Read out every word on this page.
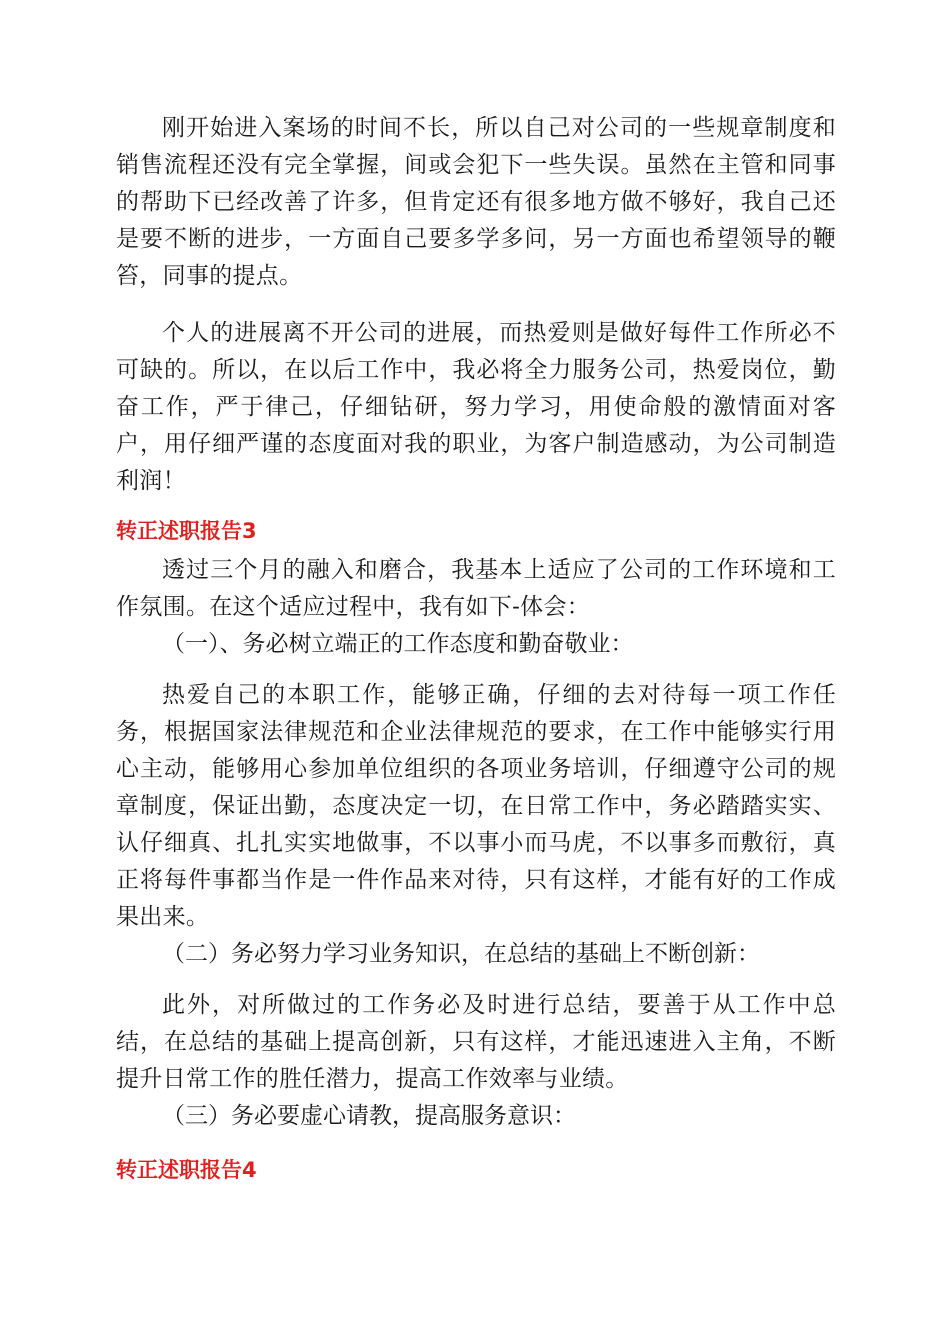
刚开始进入案场的时间不长，所以自己对公司的一些规章制度和销售流程还没有完全掌握，间或会犯下一些失误。虽然在主管和同事的帮助下已经改善了许多，但肯定还有很多地方做不够好，我自己还是要不断的进步，一方面自己要多学多问，另一方面也希望领导的鞭笞，同事的提点。

个人的进展离不开公司的进展，而热爱则是做好每件工作所必不可缺的。所以，在以后工作中，我必将全力服务公司，热爱岗位，勤奋工作，严于律己，仔细钻研，努力学习，用使命般的激情面对客户，用仔细严谨的态度面对我的职业，为客户制造感动，为公司制造利润！

转正述职报告3

透过三个月的融入和磨合，我基本上适应了公司的工作环境和工作氛围。在这个适应过程中，我有如下-体会：

（一）、务必树立端正的工作态度和勤奋敬业：

热爱自己的本职工作，能够正确，仔细的去对待每一项工作任务，根据国家法律规范和企业法律规范的要求，在工作中能够实行用心主动，能够用心参加单位组织的各项业务培训，仔细遵守公司的规章制度，保证出勤，态度决定一切，在日常工作中，务必踏踏实实、认仔细真、扎扎实实地做事，不以事小而马虎，不以事多而敷衍，真正将每件事都当作是一件作品来对待，只有这样，才能有好的工作成果出来。

（二）务必努力学习业务知识，在总结的基础上不断创新：

此外，对所做过的工作务必及时进行总结，要善于从工作中总结，在总结的基础上提高创新，只有这样，才能迅速进入主角，不断提升日常工作的胜任潜力，提高工作效率与业绩。

（三）务必要虚心请教，提高服务意识：

转正述职报告4
